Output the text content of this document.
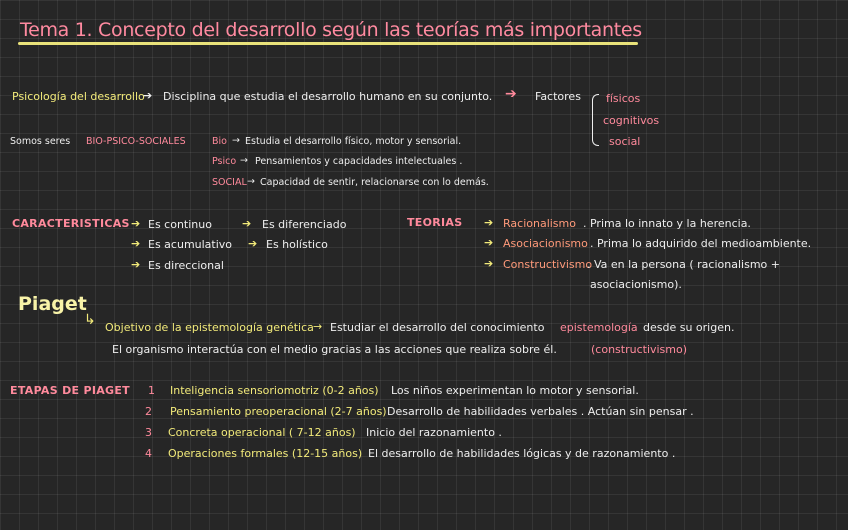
Tema 1. Concepto del desarrollo según las teorías más importantes
Psicología del desarrollo
➔ Disciplina que estudia el desarrollo humano en su conjunto. ➔ Factores físicos
cognitivos
social
Somos seres BIO-PSICO-SOCIALES	Bio → Estudia el desarrollo físico, motor y sensorial.
Psico → Pensamientos y capacidades intelectuales .
SOCIAL → Capacidad de sentir, relacionarse con lo demás.
CARACTERISTICAS ➔ Es continuo	➔ Es diferenciado
➔ Es acumulativo ➔ Es holístico
➔ Es direccional
TEORIAS ➔ Racionalismo . Prima lo innato y la herencia.
➔ Asociacionismo . Prima lo adquirido del medioambiente.
➔ Constructivismo
. Va en la persona ( racionalismo +
asociacionismo).
Piaget
↳ Objetivo de la epistemología genética → Estudiar el desarrollo del conocimiento epistemología desde su origen.
El organismo interactúa con el medio gracias a las acciones que realiza sobre él.	(constructivismo)
ETAPAS DE PIAGET 1 Inteligencia sensoriomotriz (0-2 años) Los niños experimentan lo motor y sensorial.
2 Pensamiento preoperacional (2-7 años) Desarrollo de habilidades verbales . Actúan sin pensar .
3 Concreta operacional ( 7-12 años) Inicio del razonamiento .
4 Operaciones formales (12-15 años) El desarrollo de habilidades lógicas y de razonamiento .
